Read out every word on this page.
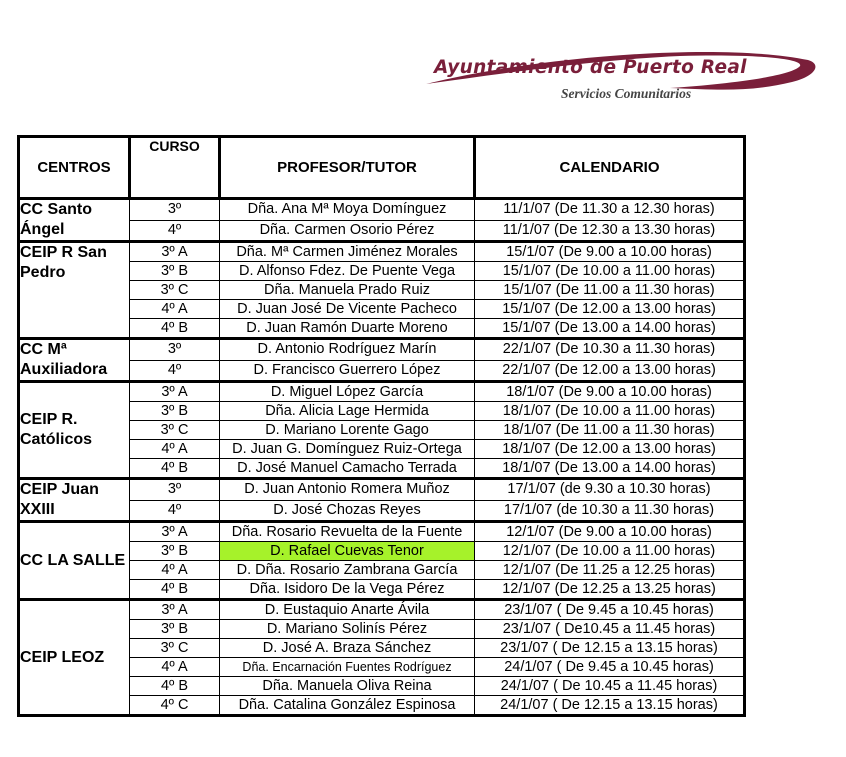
Ayuntamiento de Puerto Real
Servicios Comunitarios
CENTROS	CURSO	PROFESOR/TUTOR	CALENDARIO
CC Santo Ángel	3º	Dña. Ana Mª Moya Domínguez	11/1/07 (De 11.30 a 12.30 horas)
	4º	Dña. Carmen Osorio Pérez	11/1/07 (De 12.30 a 13.30 horas)
CEIP R San Pedro	3º A	Dña. Mª Carmen Jiménez Morales	15/1/07 (De 9.00 a 10.00 horas)
	3º B	D. Alfonso Fdez. De Puente Vega	15/1/07 (De 10.00 a 11.00 horas)
	3º C	Dña. Manuela Prado Ruiz	15/1/07 (De 11.00 a 11.30 horas)
	4º A	D. Juan José De Vicente Pacheco	15/1/07 (De 12.00 a 13.00 horas)
	4º B	D. Juan Ramón Duarte Moreno	15/1/07 (De 13.00 a 14.00 horas)
CC Mª Auxiliadora	3º	D. Antonio Rodríguez Marín	22/1/07 (De 10.30 a 11.30 horas)
	4º	D. Francisco Guerrero López	22/1/07 (De 12.00 a 13.00 horas)
CEIP R. Católicos	3º A	D. Miguel López García	18/1/07 (De 9.00 a 10.00 horas)
	3º B	Dña. Alicia Lage Hermida	18/1/07 (De 10.00 a 11.00 horas)
	3º C	D. Mariano Lorente Gago	18/1/07 (De 11.00 a 11.30 horas)
	4º A	D. Juan G. Domínguez Ruiz-Ortega	18/1/07 (De 12.00 a 13.00 horas)
	4º B	D. José Manuel Camacho Terrada	18/1/07 (De 13.00 a 14.00 horas)
CEIP Juan XXIII	3º	D. Juan Antonio Romera Muñoz	17/1/07 (de 9.30 a 10.30 horas)
	4º	D. José Chozas Reyes	17/1/07 (de 10.30 a 11.30 horas)
CC LA SALLE	3º A	Dña. Rosario Revuelta de la Fuente	12/1/07 (De 9.00 a 10.00 horas)
	3º B	D. Rafael Cuevas Tenor	12/1/07 (De 10.00 a 11.00 horas)
	4º A	D. Dña. Rosario Zambrana García	12/1/07 (De 11.25 a 12.25 horas)
	4º B	Dña. Isidoro De la Vega Pérez	12/1/07 (De 12.25 a 13.25 horas)
CEIP LEOZ	3º A	D. Eustaquio Anarte Ávila	23/1/07 ( De 9.45 a 10.45 horas)
	3º B	D. Mariano Solinís Pérez	23/1/07 ( De10.45 a 11.45 horas)
	3º C	D. José A. Braza Sánchez	23/1/07 ( De 12.15 a 13.15 horas)
	4º A	Dña. Encarnación Fuentes Rodríguez	24/1/07 ( De 9.45 a 10.45 horas)
	4º B	Dña. Manuela Oliva Reina	24/1/07 ( De 10.45 a 11.45 horas)
	4º C	Dña. Catalina González Espinosa	24/1/07 ( De 12.15 a 13.15 horas)
